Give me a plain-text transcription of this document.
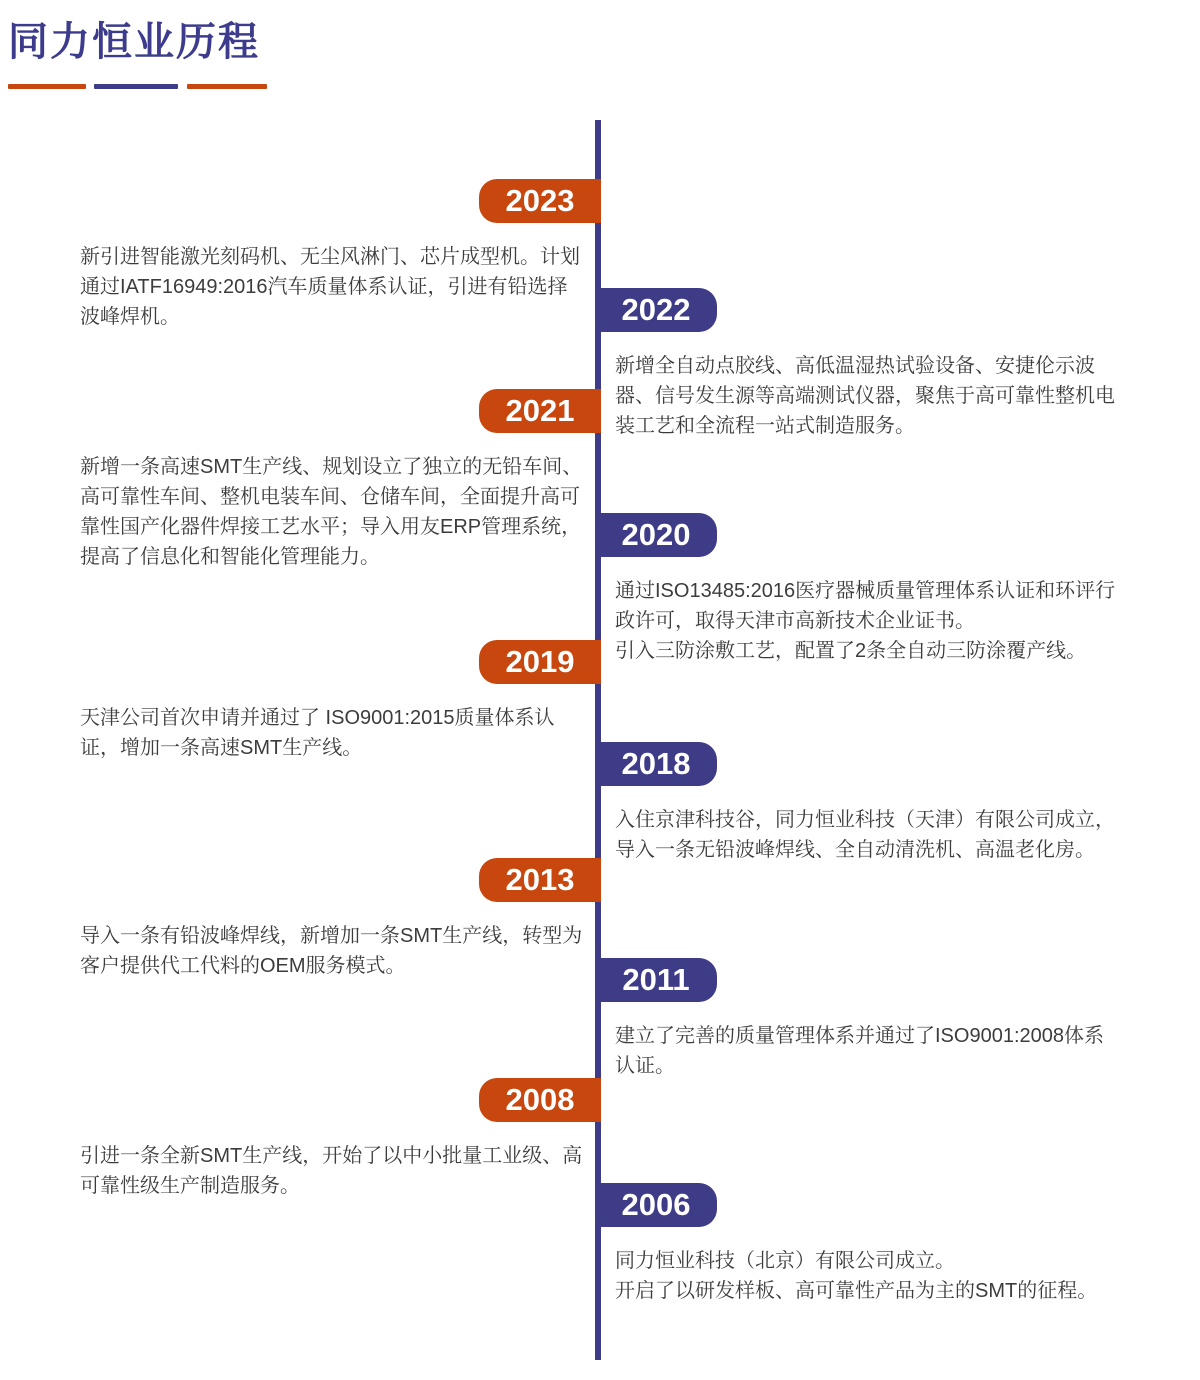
同力恒业历程
2023
新引进智能激光刻码机、无尘风淋门、芯片成型机。计划通过IATF16949:2016汽车质量体系认证，引进有铅选择波峰焊机。	2022
新增全自动点胶线、高低温湿热试验设备、安捷伦示波器、信号发生源等高端测试仪器，聚焦于高可靠性整机电装工艺和全流程一站式制造服务。
2021
新增一条高速SMT生产线、规划设立了独立的无铅车间、高可靠性车间、整机电装车间、仓储车间，全面提升高可靠性国产化器件焊接工艺水平；导入用友ERP管理系统，提高了信息化和智能化管理能力。
2020
通过ISO13485:2016医疗器械质量管理体系认证和环评行政许可，取得天津市高新技术企业证书。
引入三防涂敷工艺，配置了2条全自动三防涂覆产线。
2019
天津公司首次申请并通过了 ISO9001:2015质量体系认证，增加一条高速SMT生产线。	2018
入住京津科技谷，同力恒业科技（天津）有限公司成立，导入一条无铅波峰焊线、全自动清洗机、高温老化房。
2013
导入一条有铅波峰焊线，新增加一条SMT生产线，转型为客户提供代工代料的OEM服务模式。	2011
建立了完善的质量管理体系并通过了ISO9001:2008体系认证。
2008
引进一条全新SMT生产线，开始了以中小批量工业级、高可靠性级生产制造服务。
2006
同力恒业科技（北京）有限公司成立。
开启了以研发样板、高可靠性产品为主的SMT的征程。
